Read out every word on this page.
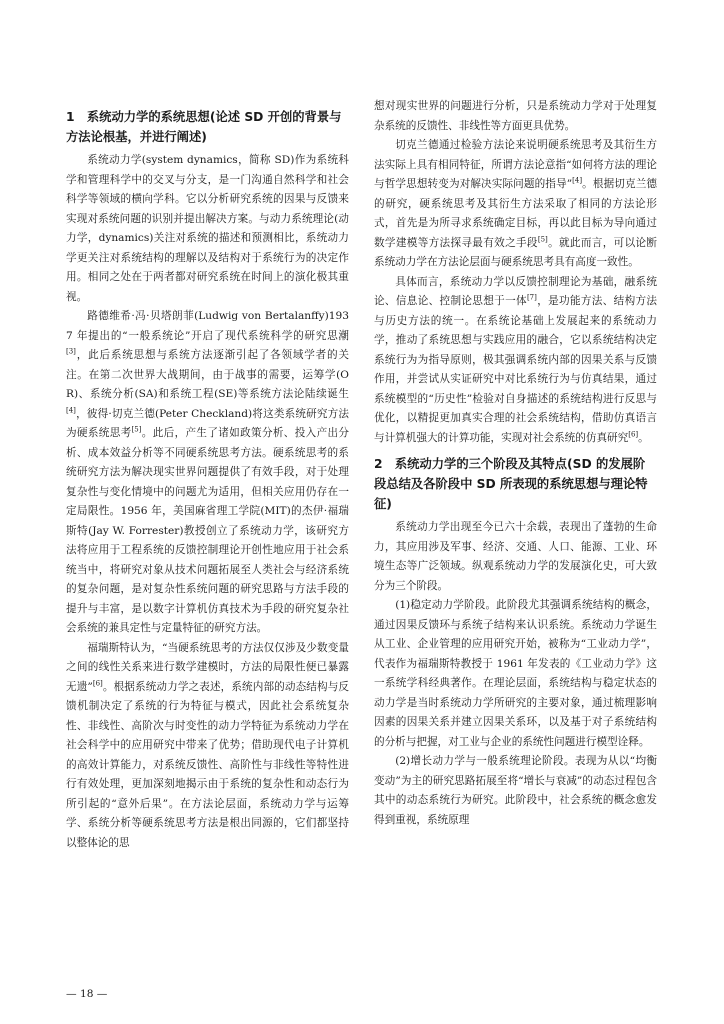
1　系统动力学的系统思想(论述 SD 开创的背景与方法论根基，并进行阐述)

系统动力学(system dynamics，简称 SD)作为系统科学和管理科学中的交叉与分支，是一门沟通自然科学和社会科学等领域的横向学科。它以分析研究系统的因果与反馈来实现对系统问题的识别并提出解决方案。与动力系统理论(动力学，dynamics)关注对系统的描述和预测相比，系统动力学更关注对系统结构的理解以及结构对于系统行为的决定作用。相同之处在于两者都对研究系统在时间上的演化极其重视。

路德维希·冯·贝塔朗菲(Ludwig von Bertalanffy)1937 年提出的“一般系统论”开启了现代系统科学的研究思潮[3]，此后系统思想与系统方法逐渐引起了各领域学者的关注。在第二次世界大战期间，由于战事的需要，运筹学(OR)、系统分析(SA)和系统工程(SE)等系统方法论陆续诞生[4]，彼得·切克兰德(Peter Checkland)将这类系统研究方法为硬系统思考[5]。此后，产生了诸如政策分析、投入产出分析、成本效益分析等不同硬系统思考方法。硬系统思考的系统研究方法为解决现实世界问题提供了有效手段，对于处理复杂性与变化情境中的问题尤为适用，但相关应用仍存在一定局限性。1956 年，美国麻省理工学院(MIT)的杰伊·福瑞斯特(Jay W. Forrester)教授创立了系统动力学，该研究方法将应用于工程系统的反馈控制理论开创性地应用于社会系统当中，将研究对象从技术问题拓展至人类社会与经济系统的复杂问题，是对复杂性系统问题的研究思路与方法手段的提升与丰富，是以数字计算机仿真技术为手段的研究复杂社会系统的兼具定性与定量特征的研究方法。

福瑞斯特认为，“当硬系统思考的方法仅仅涉及少数变量之间的线性关系来进行数学建模时，方法的局限性便已暴露无遗”[6]。根据系统动力学之表述，系统内部的动态结构与反馈机制决定了系统的行为特征与模式，因此社会系统复杂性、非线性、高阶次与时变性的动力学特征为系统动力学在社会科学中的应用研究中带来了优势；借助现代电子计算机的高效计算能力，对系统反馈性、高阶性与非线性等特性进行有效处理，更加深刻地揭示由于系统的复杂性和动态行为所引起的“意外后果”。在方法论层面，系统动力学与运筹学、系统分析等硬系统思考方法是根出同源的，它们都坚持以整体论的思

想对现实世界的问题进行分析，只是系统动力学对于处理复杂系统的反馈性、非线性等方面更具优势。

切克兰德通过检验方法论来说明硬系统思考及其衍生方法实际上具有相同特征，所谓方法论意指“如何将方法的理论与哲学思想转变为对解决实际问题的指导”[4]。根据切克兰德的研究，硬系统思考及其衍生方法采取了相同的方法论形式，首先是为所寻求系统确定目标，再以此目标为导向通过数学建模等方法探寻最有效之手段[5]。就此而言，可以论断系统动力学在方法论层面与硬系统思考具有高度一致性。

具体而言，系统动力学以反馈控制理论为基础，融系统论、信息论、控制论思想于一体[7]，是功能方法、结构方法与历史方法的统一。在系统论基础上发展起来的系统动力学，推动了系统思想与实践应用的融合，它以系统结构决定系统行为为指导原则，极其强调系统内部的因果关系与反馈作用，并尝试从实证研究中对比系统行为与仿真结果，通过系统模型的“历史性”检验对自身描述的系统结构进行反思与优化，以精捉更加真实合理的社会系统结构，借助仿真语言与计算机强大的计算功能，实现对社会系统的仿真研究[6]。

2　系统动力学的三个阶段及其特点(SD 的发展阶段总结及各阶段中 SD 所表现的系统思想与理论特征)

系统动力学出现至今已六十余载，表现出了蓬勃的生命力，其应用涉及军事、经济、交通、人口、能源、工业、环境生态等广泛领域。纵观系统动力学的发展演化史，可大致分为三个阶段。

(1)稳定动力学阶段。此阶段尤其强调系统结构的概念，通过因果反馈环与系统子结构来认识系统。系统动力学诞生从工业、企业管理的应用研究开始，被称为“工业动力学”，代表作为福瑞斯特教授于 1961 年发表的《工业动力学》这一系统学科经典著作。在理论层面，系统结构与稳定状态的动力学是当时系统动力学所研究的主要对象，通过梳理影响因素的因果关系并建立因果关系环，以及基于对子系统结构的分析与把握，对工业与企业的系统性问题进行模型诠释。

(2)增长动力学与一般系统理论阶段。表现为从以“均衡变动”为主的研究思路拓展至将“增长与衰减”的动态过程包含其中的动态系统行为研究。此阶段中，社会系统的概念愈发得到重视，系统原理

— 18 —
